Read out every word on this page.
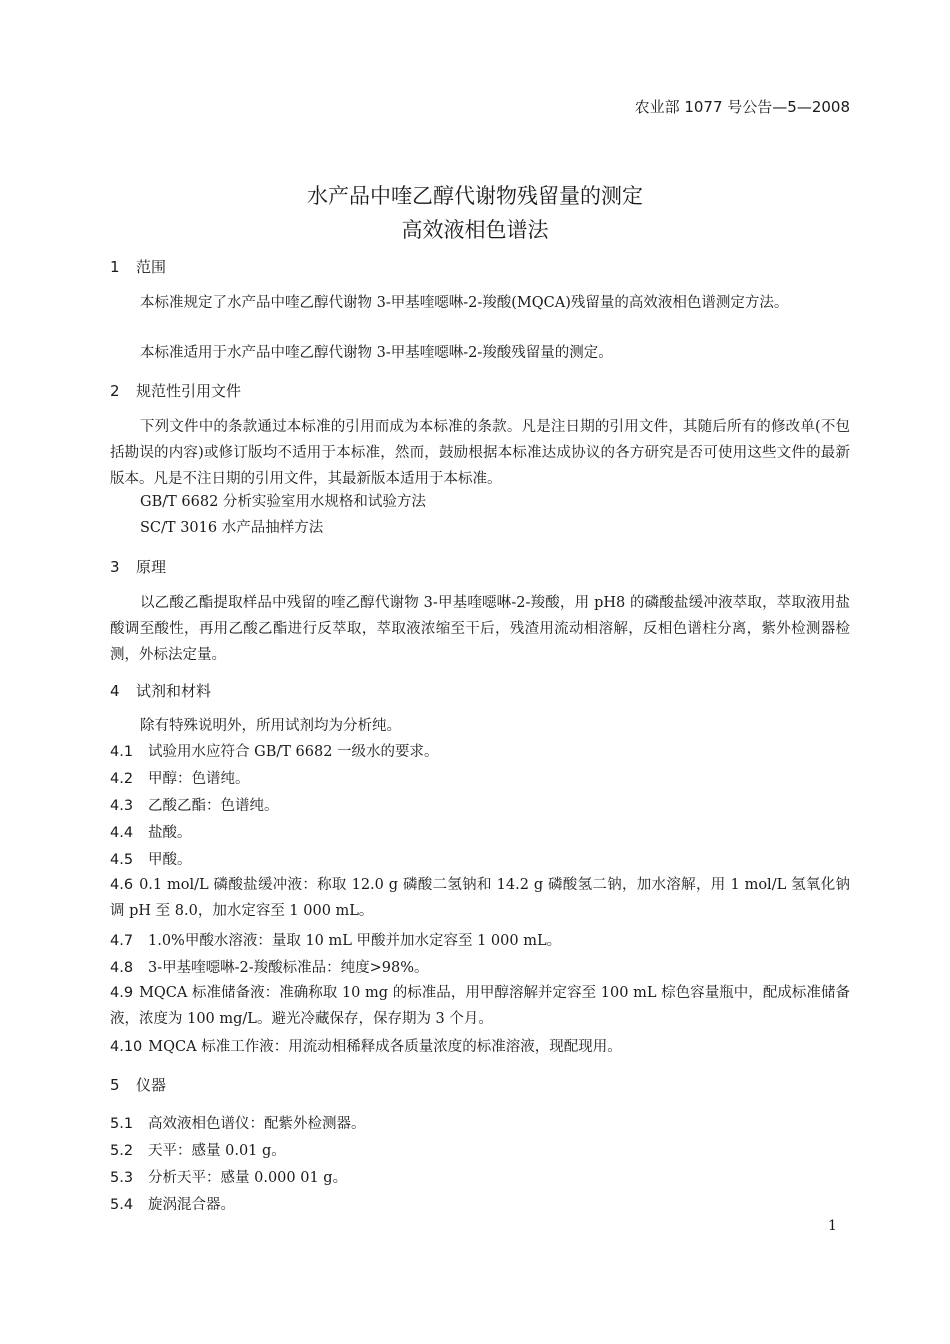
农业部 1077 号公告—5—2008
水产品中喹乙醇代谢物残留量的测定
高效液相色谱法
1 范围
本标准规定了水产品中喹乙醇代谢物 3-甲基喹噁啉-2-羧酸(MQCA)残留量的高效液相色谱测定方法。
本标准适用于水产品中喹乙醇代谢物 3-甲基喹噁啉-2-羧酸残留量的测定。
2 规范性引用文件
下列文件中的条款通过本标准的引用而成为本标准的条款。凡是注日期的引用文件，其随后所有的修改单(不包括勘误的内容)或修订版均不适用于本标准，然而，鼓励根据本标准达成协议的各方研究是否可使用这些文件的最新版本。凡是不注日期的引用文件，其最新版本适用于本标准。
GB/T 6682 分析实验室用水规格和试验方法
SC/T 3016 水产品抽样方法
3 原理
以乙酸乙酯提取样品中残留的喹乙醇代谢物 3-甲基喹噁啉-2-羧酸，用 pH8 的磷酸盐缓冲液萃取，萃取液用盐酸调至酸性，再用乙酸乙酯进行反萃取，萃取液浓缩至干后，残渣用流动相溶解，反相色谱柱分离，紫外检测器检测，外标法定量。
4 试剂和材料
除有特殊说明外，所用试剂均为分析纯。
4.1 试验用水应符合 GB/T 6682 一级水的要求。
4.2 甲醇：色谱纯。
4.3 乙酸乙酯：色谱纯。
4.4 盐酸。
4.5 甲酸。
4.6 0.1 mol/L 磷酸盐缓冲液：称取 12.0 g 磷酸二氢钠和 14.2 g 磷酸氢二钠，加水溶解，用 1 mol/L 氢氧化钠调 pH 至 8.0，加水定容至 1 000 mL。
4.7 1.0%甲酸水溶液：量取 10 mL 甲酸并加水定容至 1 000 mL。
4.8 3-甲基喹噁啉-2-羧酸标准品：纯度>98%。
4.9 MQCA 标准储备液：准确称取 10 mg 的标准品，用甲醇溶解并定容至 100 mL 棕色容量瓶中，配成标准储备液，浓度为 100 mg/L。避光冷藏保存，保存期为 3 个月。
4.10 MQCA 标准工作液：用流动相稀释成各质量浓度的标准溶液，现配现用。
5 仪器
5.1 高效液相色谱仪：配紫外检测器。
5.2 天平：感量 0.01 g。
5.3 分析天平：感量 0.000 01 g。
5.4 旋涡混合器。
1
